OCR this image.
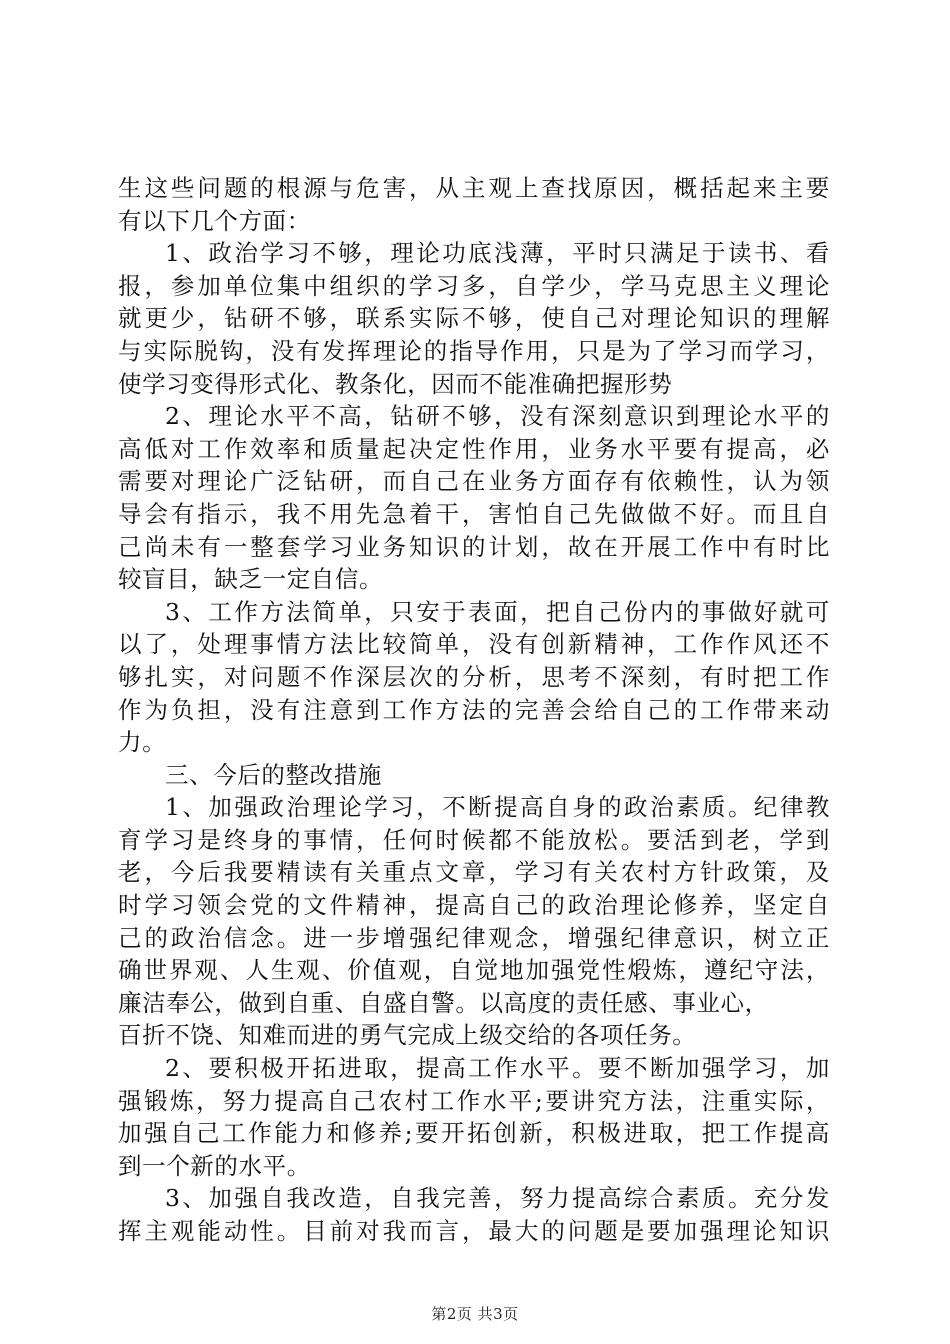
生这些问题的根源与危害，从主观上查找原因，概括起来主要
有以下几个方面：
1、政治学习不够，理论功底浅薄，平时只满足于读书、看
报，参加单位集中组织的学习多，自学少，学马克思主义理论
就更少，钻研不够，联系实际不够，使自己对理论知识的理解
与实际脱钩，没有发挥理论的指导作用，只是为了学习而学习，
使学习变得形式化、教条化，因而不能准确把握形势
2、理论水平不高，钻研不够，没有深刻意识到理论水平的
高低对工作效率和质量起决定性作用，业务水平要有提高，必
需要对理论广泛钻研，而自己在业务方面存有依赖性，认为领
导会有指示，我不用先急着干，害怕自己先做做不好。而且自
己尚未有一整套学习业务知识的计划，故在开展工作中有时比
较盲目，缺乏一定自信。
3、工作方法简单，只安于表面，把自己份内的事做好就可
以了，处理事情方法比较简单，没有创新精神，工作作风还不
够扎实，对问题不作深层次的分析，思考不深刻，有时把工作
作为负担，没有注意到工作方法的完善会给自己的工作带来动
力。
三、今后的整改措施
1、加强政治理论学习，不断提高自身的政治素质。纪律教
育学习是终身的事情，任何时候都不能放松。要活到老，学到
老，今后我要精读有关重点文章，学习有关农村方针政策，及
时学习领会党的文件精神，提高自己的政治理论修养，坚定自
己的政治信念。进一步增强纪律观念，增强纪律意识，树立正
确世界观、人生观、价值观，自觉地加强党性煅炼，遵纪守法，
廉洁奉公，做到自重、自盛自警。以高度的责任感、事业心，
百折不饶、知难而进的勇气完成上级交给的各项任务。
2、要积极开拓进取，提高工作水平。要不断加强学习，加
强锻炼，努力提高自己农村工作水平;要讲究方法，注重实际，
加强自己工作能力和修养;要开拓创新，积极进取，把工作提高
到一个新的水平。
3、加强自我改造，自我完善，努力提高综合素质。充分发
挥主观能动性。目前对我而言，最大的问题是要加强理论知识
第2页 共3页
